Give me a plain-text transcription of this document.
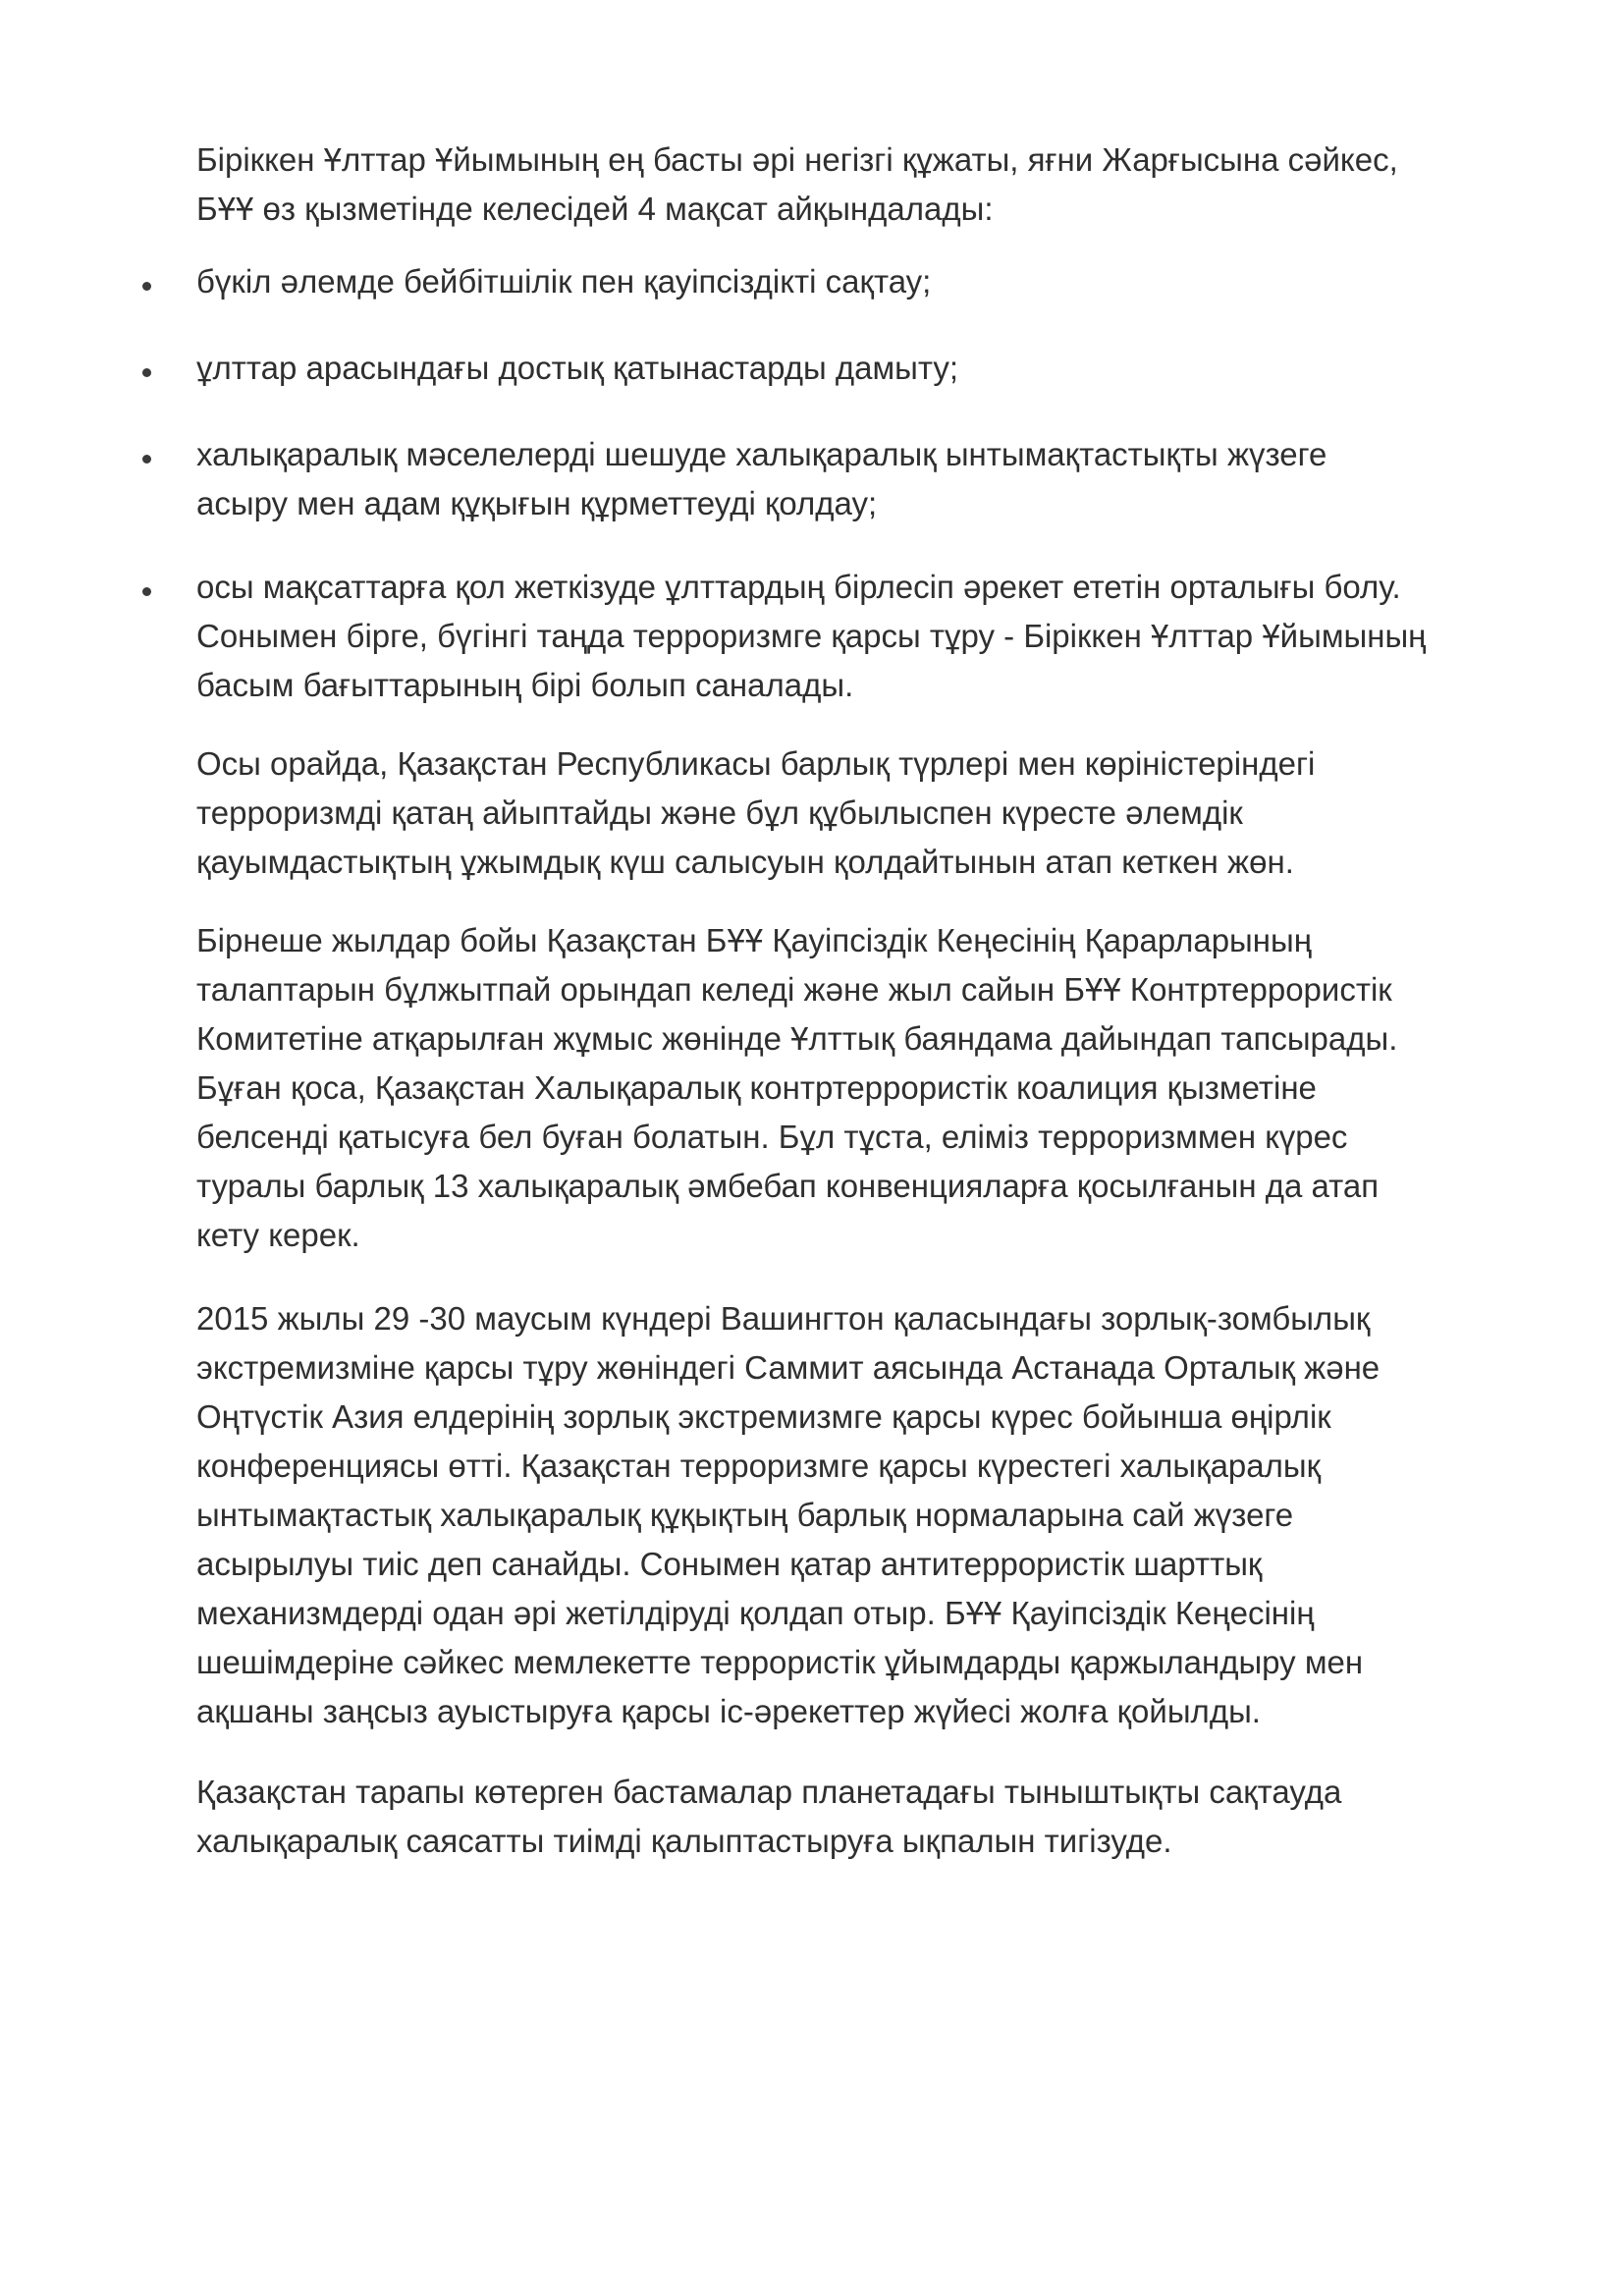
Біріккен Ұлттар Ұйымының ең басты әрі негізгі құжаты, яғни Жарғысына сәйкес,
БҰҰ өз қызметінде келесідей 4 мақсат айқындалады:
бүкіл әлемде бейбітшілік пен қауіпсіздікті сақтау;
ұлттар арасындағы достық қатынастарды дамыту;
халықаралық мәселелерді шешуде халықаралық ынтымақтастықты жүзеге
асыру мен адам құқығын құрметтеуді қолдау;
осы мақсаттарға қол жеткізуде ұлттардың бірлесіп әрекет ететін орталығы болу.
Сонымен бірге, бүгінгі таңда терроризмге қарсы тұру - Біріккен Ұлттар Ұйымының
басым бағыттарының бірі болып саналады.
Осы орайда, Қазақстан Республикасы барлық түрлері мен көріністеріндегі
терроризмді қатаң айыптайды және бұл құбылыспен күресте әлемдік
қауымдастықтың ұжымдық күш салысуын қолдайтынын атап кеткен жөн.
Бірнеше жылдар бойы Қазақстан БҰҰ Қауіпсіздік Кеңесінің Қарарларының
талаптарын бұлжытпай орындап келеді және жыл сайын БҰҰ Контртеррористік
Комитетіне атқарылған жұмыс жөнінде Ұлттық баяндама дайындап тапсырады.
Бұған қоса, Қазақстан Халықаралық контртеррористік коалиция қызметіне
белсенді қатысуға бел буған болатын. Бұл тұста, еліміз терроризммен күрес
туралы барлық 13 халықаралық әмбебап конвенцияларға қосылғанын да атап
кету керек.
2015 жылы 29 -30 маусым күндері Вашингтон қаласындағы зорлық-зомбылық
экстремизміне қарсы тұру жөніндегі Саммит аясында Астанада Орталық және
Оңтүстік Азия елдерінің зорлық экстремизмге қарсы күрес бойынша өңірлік
конференциясы өтті. Қазақстан терроризмге қарсы күрестегі халықаралық
ынтымақтастық халықаралық құқықтың барлық нормаларына сай жүзеге
асырылуы тиіс деп санайды. Сонымен қатар антитеррористік шарттық
механизмдерді одан әрі жетілдіруді қолдап отыр. БҰҰ Қауіпсіздік Кеңесінің
шешімдеріне сәйкес мемлекетте террористік ұйымдарды қаржыландыру мен
ақшаны заңсыз ауыстыруға қарсы іс-әрекеттер жүйесі жолға қойылды.
Қазақстан тарапы көтерген бастамалар планетадағы тыныштықты сақтауда
халықаралық саясатты тиімді қалыптастыруға ықпалын тигізуде.
